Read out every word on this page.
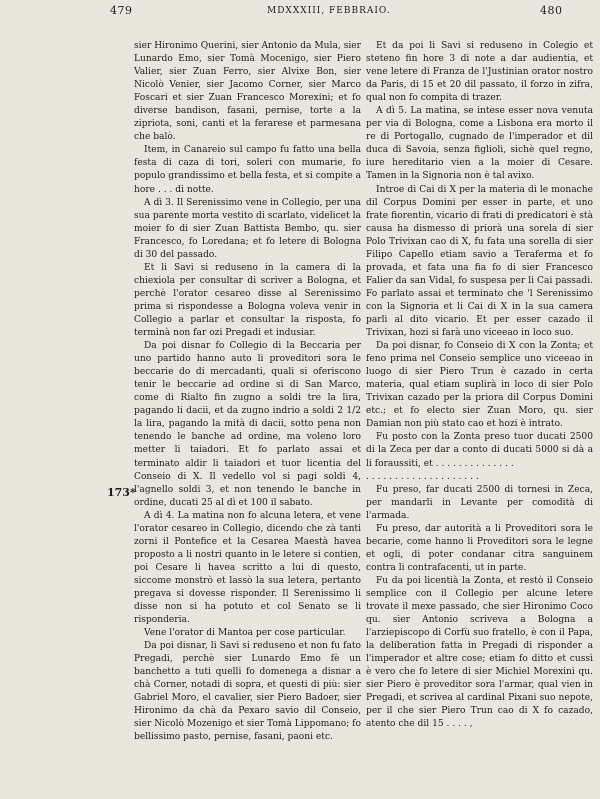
479	MDXXXIII, FEBBRAIO.	480
173*

sier Hironimo Querini, sier Antonio da Mula, sier Lunardo Emo, sier Tomà Mocenigo, sier Piero Valier, sier Zuan Ferro, sier Alvixe Bon, sier Nicolò Venier, sier Jacomo Corner, sier Marco Foscari et sier Zuan Francesco Morexini; et fo diverse bandison, fasani, pernise, torte a la zipriota, soni, canti et la ferarese et parmesana che balò.

Item, in Canareio sul campo fu fatto una bella festa di caza di tori, soleri con mumarie, fo populo grandissimo et bella festa, et si compite a hore . . . di notte.

A dì 3. Il Serenissimo vene in Collegio, per una sua parente morta vestito di scarlato, videlicet la moier fo di sier Zuan Battista Bembo, qu. sier Francesco, fo Loredana; et fo letere di Bologna di 30 del passado.

Et li Savi si reduseno in la camera di la chiexiola per consultar di scriver a Bologna, et perchè l'orator cesareo disse al Serenissimo prima si rispondesse a Bologna voleva venir in Collegio a parlar et consultar la risposta, fo terminà non far ozi Pregadi et indusiar.

Da poi disnar fo Collegio di la Beccaria per uno partido hanno auto li proveditori sora le beccarie do di mercadanti, quali si oferiscono tenir le beccarie ad ordine si di San Marco, come di Rialto fin zugno a soldi tre la lira, pagando li dacii, et da zugno indrio a soldi 2 1/2 la lira, pagando la mità di dacii, sotto pena non tenendo le banche ad ordine, ma voleno loro metter li taiadori. Et fo parlato assai et terminato aldir li taiadori et tuor licentia del Conseio di X. Il vedello vol si pagi soldi 4, l'agnello soldi 3, et non tenendo le banche in ordine, ducati 25 al dì et 100 il sabato.

A dì 4. La matina non fo alcuna letera, et vene l'orator cesareo in Collegio, dicendo che zà tanti zorni il Pontefice et la Cesarea Maestà havea proposto a li nostri quanto in le letere si contien, poi Cesare li havea scritto a lui di questo, siccome monstrò et lassò la sua letera, pertanto pregava si dovesse risponder. Il Serenissimo li disse non si ha potuto et col Senato se li risponderia.

Vene l'orator di Mantoa per cose particular.

Da poi disnar, li Savi si reduseno et non fu fato Pregadi, perchè sier Lunardo Emo fè un banchetto a tuti quelli fo domenega a disnar a chà Corner, notadi di sopra, et questi di più: sier Gabriel Moro, el cavalier, sier Piero Badoer, sier Hironimo da chà da Pexaro savio dil Conseio, sier Nicolò Mozenigo et sier Tomà Lippomano; fo bellissimo pasto, pernise, fasani, paoni etc.

Et da poi li Savi si reduseno in Colegio et steteno fin hore 3 di note a dar audientia, et vene letere di Franza de l'Justinian orator nostro da Paris, di 15 et 20 dil passato, il forzo in zifra, qual non fo compita di trazer.

A dì 5. La matina, se intese esser nova venuta per via di Bologna, come a Lisbona era morto il re di Portogallo, cugnado de l'imperador et dil duca di Savoia, senza figlioli, sichè quel regno, iure hereditario vien a la moier di Cesare. Tamen in la Signoria non è tal avixo.

Introe di Cai di X per la materia di le monache dil Corpus Domini per esser in parte, et uno frate fiorentin, vicario di frati di predicatori è stà causa ha dismesso di priorà una sorela di sier Polo Trivixan cao di X, fu fata una sorella di sier Filipo Capello etiam savio a Teraferma et fo provada, et fata una fia fo di sier Francesco Falier da san Vidal, fo suspesa per li Cai passadi. Fo parlato assai et terminato che 'l Serenissimo con la Signoria et li Cai di X in la sua camera parli al dito vicario. Et per esser cazado il Trivixan, hozi si farà uno viceeao in loco suo.

Da poi disnar, fo Conseio di X con la Zonta; et feno prima nel Conseio semplice uno viceeao in luogo di sier Piero Trun è cazado in certa materia, qual etiam suplirà in loco di sier Polo Trivixan cazado per la priora dil Corpus Domini etc.; et fo electo sier Zuan Moro, qu. sier Damian non più stato cao et hozi è intrato.

Fu posto con la Zonta preso tuor ducati 2500 di la Zeca per dar a conto di ducati 5000 si dà a li foraussiti, et . . . . . . . . . . . . . .

. . . . . . . . . . . . . . . . . . . .

Fu preso, far ducati 2500 di tornesi in Zeca, per mandarli in Levante per comodità di l'armada.

Fu preso, dar autorità a li Proveditori sora le becarie, come hanno li Proveditori sora le legne et ogli, di poter condanar citra sanguinem contra li contrafacenti, ut in parte.

Fu da poi licentià la Zonta, et restò il Conseio semplice con il Collegio per alcune letere trovate il mexe passado, che sier Hironimo Coco qu. sier Antonio scriveva a Bologna a l'arziepiscopo di Corfù suo fratello, è con il Papa, la deliberation fatta in Pregadi di risponder a l'imperador et altre cose; etiam fo ditto et cussì è vero che fo letere di sier Michiel Morexini qu. sier Piero è proveditor sora l'armar, qual vien in Pregadi, et scrivea al cardinal Pixani suo nepote, per il che sier Piero Trun cao di X fo cazado, atento che dil 15 . . . . ,
